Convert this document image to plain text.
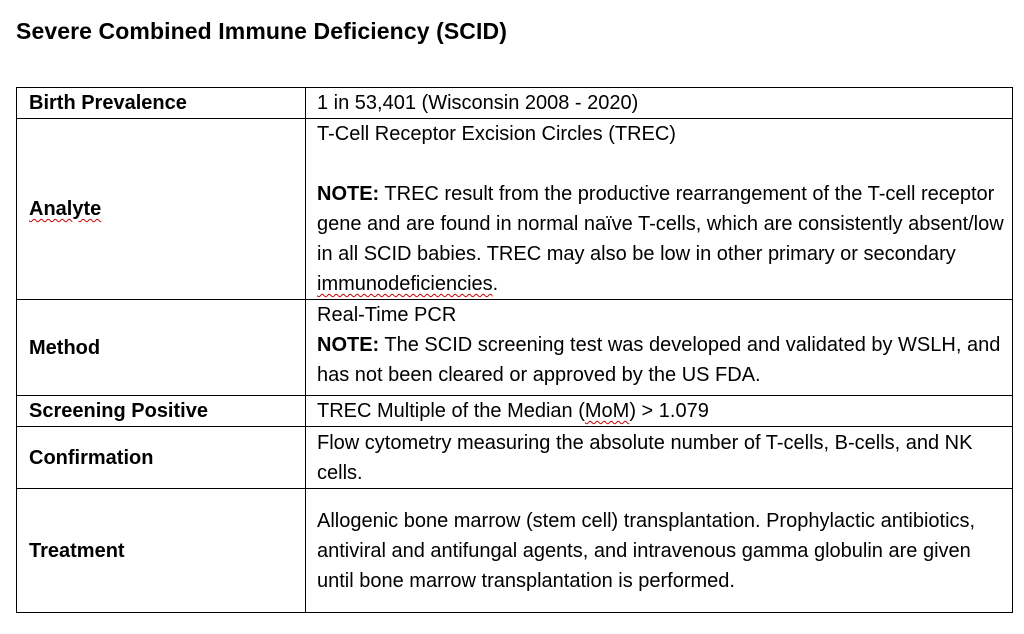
Severe Combined Immune Deficiency (SCID)
Birth Prevalence	1 in 53,401 (Wisconsin 2008 - 2020)
Analyte	T-Cell Receptor Excision Circles (TREC)
NOTE: TREC result from the productive rearrangement of the T-cell receptor gene and are found in normal naïve T-cells, which are consistently absent/low in all SCID babies. TREC may also be low in other primary or secondary immunodeficiencies.

Method	Real-Time PCR
NOTE: The SCID screening test was developed and validated by WSLH, and has not been cleared or approved by the US FDA.

Screening Positive	TREC Multiple of the Median (MoM) > 1.079
Confirmation	Flow cytometry measuring the absolute number of T-cells, B-cells, and NK cells.
Treatment	Allogenic bone marrow (stem cell) transplantation. Prophylactic antibiotics, antiviral and antifungal agents, and intravenous gamma globulin are given until bone marrow transplantation is performed.
